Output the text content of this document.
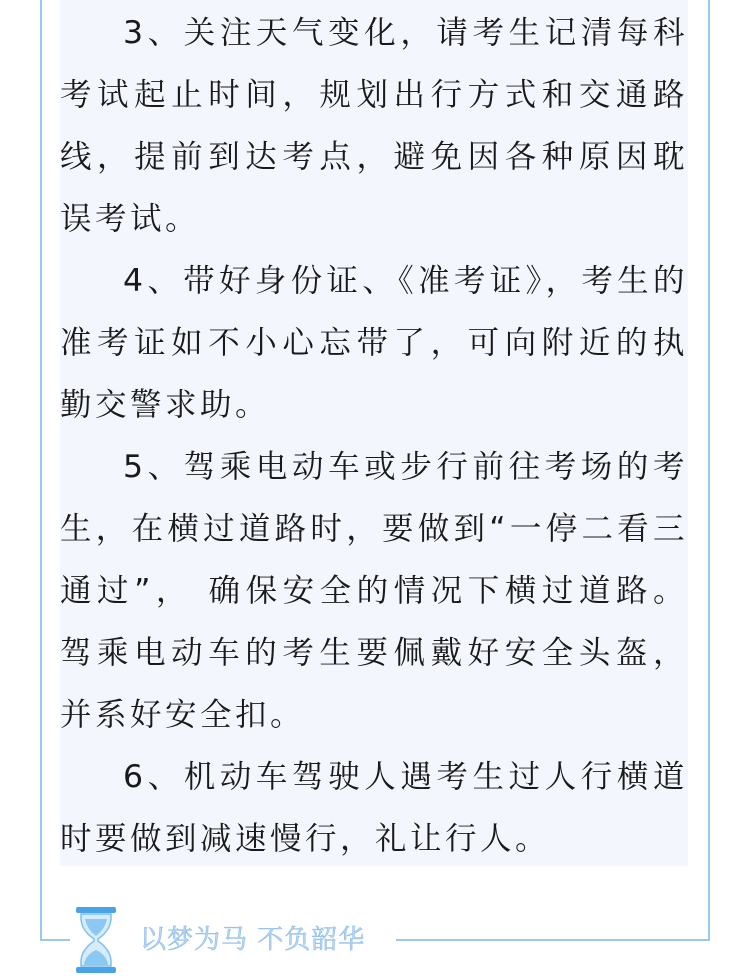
3、关注天气变化，请考生记清每科考试起止时间，规划出行方式和交通路线，提前到达考点，避免因各种原因耽误考试。

4、带好身份证、《准考证》，考生的准考证如不小心忘带了，可向附近的执勤交警求助。

5、驾乘电动车或步行前往考场的考生，在横过道路时，要做到“一停二看三通过”， 确保安全的情况下横过道路。驾乘电动车的考生要佩戴好安全头盔，并系好安全扣。

6、机动车驾驶人遇考生过人行横道时要做到减速慢行，礼让行人。

以梦为马 不负韶华
